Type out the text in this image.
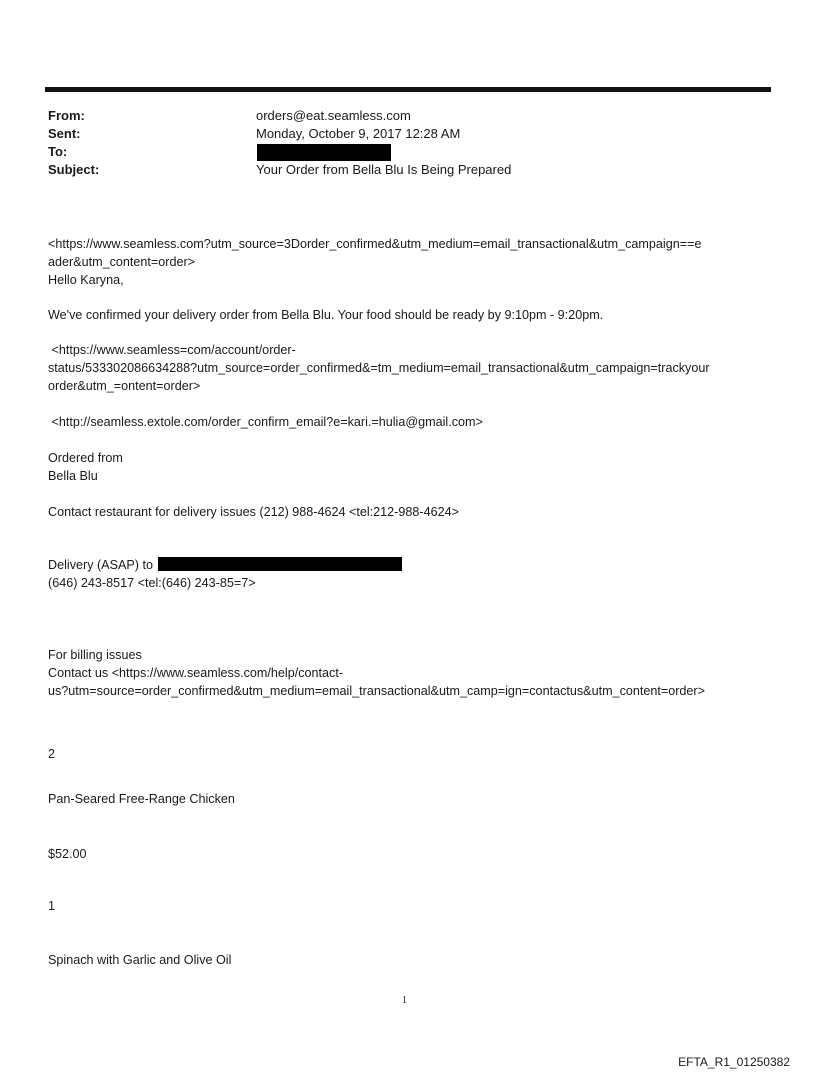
From:	orders@eat.seamless.com
Sent:	Monday, October 9, 2017 12:28 AM
To:
Subject:	Your Order from Bella Blu Is Being Prepared
<https://www.seamless.com?utm_source=3Dorder_confirmed&utm_medium=email_transactional&utm_campaign==e
ader&utm_content=order>
Hello Karyna,
We've confirmed your delivery order from Bella Blu. Your food should be ready by 9:10pm - 9:20pm.
<https://www.seamless=com/account/order-
status/533302086634288?utm_source=order_confirmed&=tm_medium=email_transactional&utm_campaign=trackyour
order&utm_=ontent=order>
<http://seamless.extole.com/order_confirm_email?e=kari.=hulia@gmail.com>
Ordered from
Bella Blu
Contact restaurant for delivery issues (212) 988-4624 <tel:212-988-4624>
Delivery (ASAP) to
(646) 243-8517 <tel:(646) 243-85=7>
For billing issues
Contact us <https://www.seamless.com/help/contact-
us?utm=source=order_confirmed&utm_medium=email_transactional&utm_camp=ign=contactus&utm_content=order>
2
Pan-Seared Free-Range Chicken
$52.00
1
Spinach with Garlic and Olive Oil
1
EFTA_R1_01250382
